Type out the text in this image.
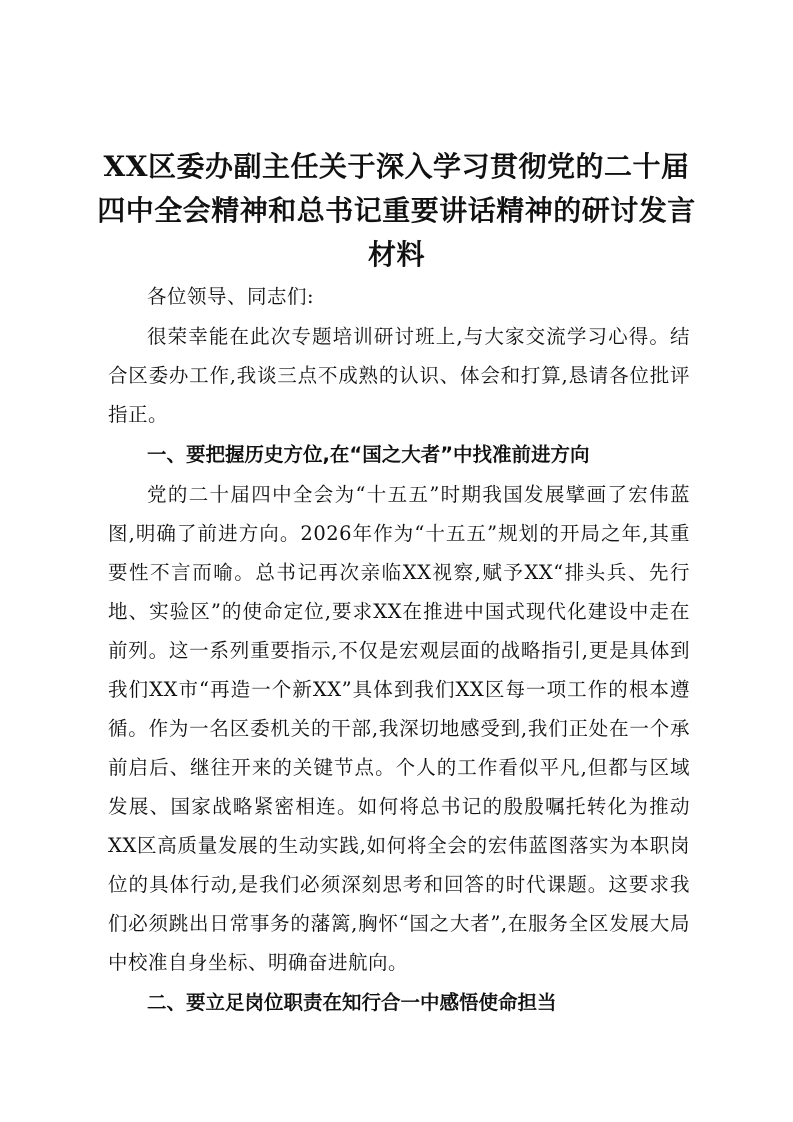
XX区委办副主任关于深入学习贯彻党的二十届四中全会精神和总书记重要讲话精神的研讨发言材料

各位领导、同志们:

很荣幸能在此次专题培训研讨班上,与大家交流学习心得。结合区委办工作,我谈三点不成熟的认识、体会和打算,恳请各位批评指正。

一、要把握历史方位,在“国之大者”中找准前进方向

党的二十届四中全会为“十五五”时期我国发展擘画了宏伟蓝图,明确了前进方向。2026年作为“十五五”规划的开局之年,其重要性不言而喻。总书记再次亲临XX视察,赋予XX“排头兵、先行地、实验区”的使命定位,要求XX在推进中国式现代化建设中走在前列。这一系列重要指示,不仅是宏观层面的战略指引,更是具体到我们XX市“再造一个新XX”具体到我们XX区每一项工作的根本遵循。作为一名区委机关的干部,我深切地感受到,我们正处在一个承前启后、继往开来的关键节点。个人的工作看似平凡,但都与区域发展、国家战略紧密相连。如何将总书记的殷殷嘱托转化为推动XX区高质量发展的生动实践,如何将全会的宏伟蓝图落实为本职岗位的具体行动,是我们必须深刻思考和回答的时代课题。这要求我们必须跳出日常事务的藩篱,胸怀“国之大者”,在服务全区发展大局中校准自身坐标、明确奋进航向。

二、要立足岗位职责在知行合一中感悟使命担当
